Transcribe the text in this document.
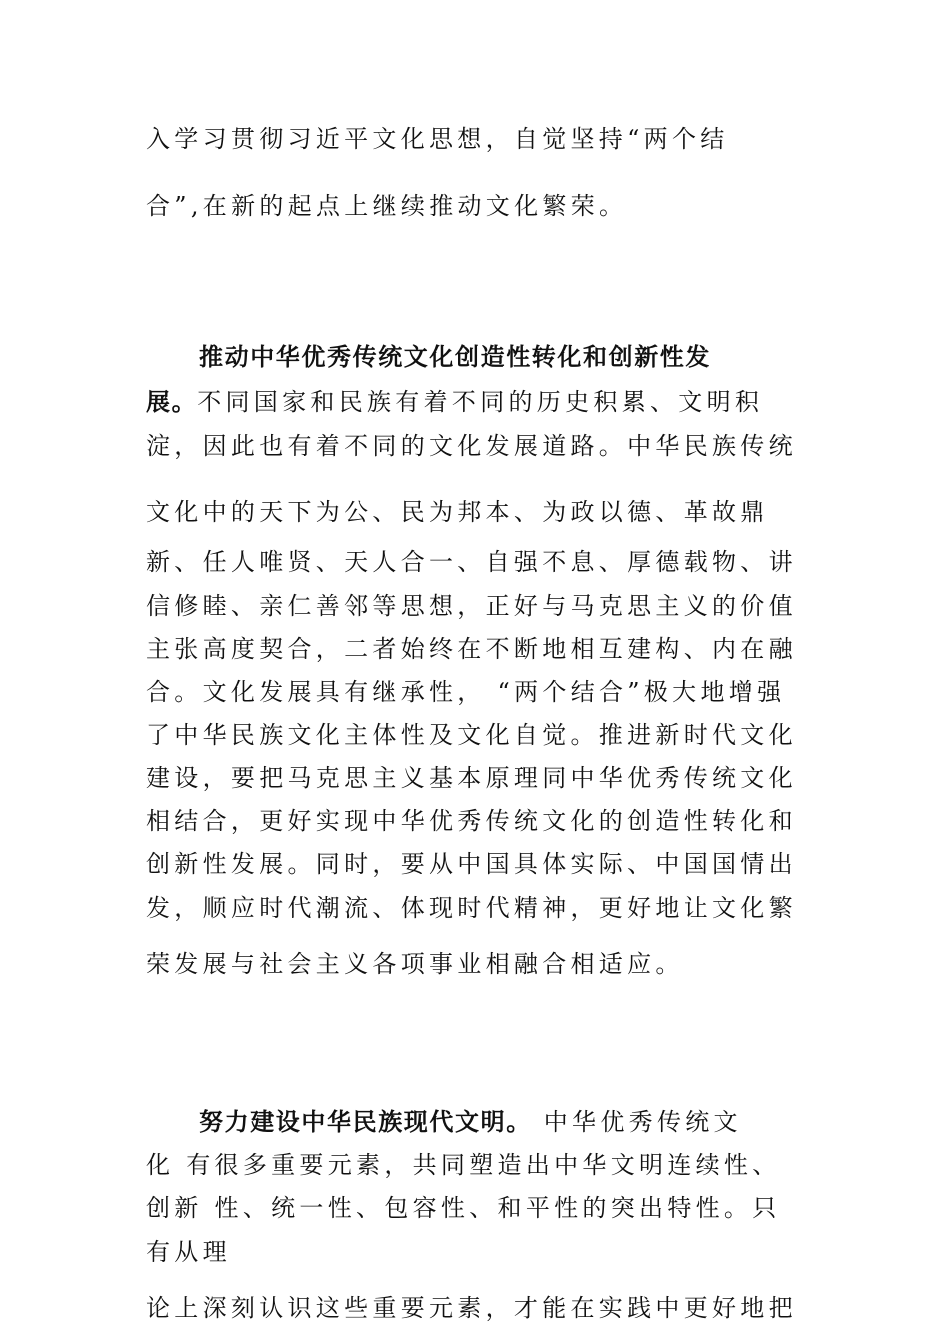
入学习贯彻习近平文化思想，自觉坚持“两个结
合”,在新的起点上继续推动文化繁荣。
推动中华优秀传统文化创造性转化和创新性发
展。不同国家和民族有着不同的历史积累、文明积
淀，因此也有着不同的文化发展道路。中华民族传统
文化中的天下为公、民为邦本、为政以德、革故鼎
新、任人唯贤、天人合一、自强不息、厚德载物、讲
信修睦、亲仁善邻等思想，正好与马克思主义的价值
主张高度契合，二者始终在不断地相互建构、内在融
合。文化发展具有继承性， “两个结合”极大地增强
了中华民族文化主体性及文化自觉。推进新时代文化
建设，要把马克思主义基本原理同中华优秀传统文化
相结合，更好实现中华优秀传统文化的创造性转化和
创新性发展。同时，要从中国具体实际、中国国情出
发，顺应时代潮流、体现时代精神，更好地让文化繁
荣发展与社会主义各项事业相融合相适应。
努力建设中华民族现代文明。 中华优秀传统文
化 有很多重要元素，共同塑造出中华文明连续性、
创新 性、统一性、包容性、和平性的突出特性。只
有从理
论上深刻认识这些重要元素，才能在实践中更好地把
